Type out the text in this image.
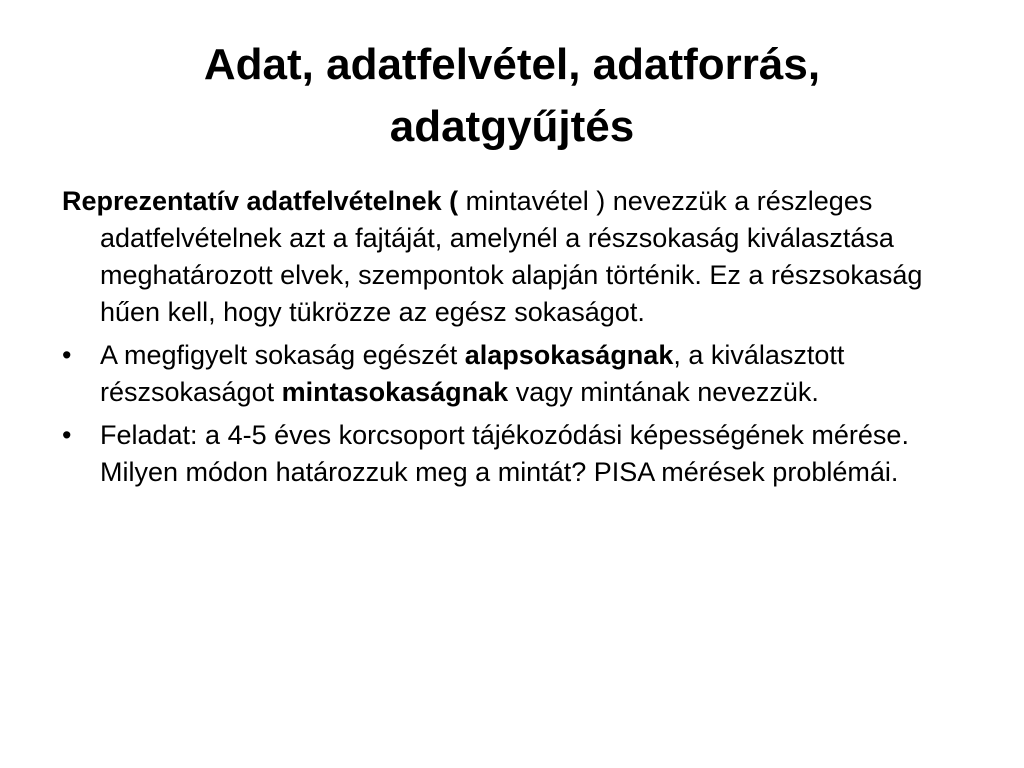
Adat, adatfelvétel, adatforrás,
adatgyűjtés

Reprezentatív adatfelvételnek ( mintavétel ) nevezzük a részleges adatfelvételnek azt a fajtáját, amelynél a részsokaság kiválasztása meghatározott elvek, szempontok alapján történik. Ez a részsokaság hűen kell, hogy tükrözze az egész sokaságot.

•	A megfigyelt sokaság egészét alapsokaságnak, a kiválasztott részsokaságot mintasokaságnak vagy mintának nevezzük.

•	Feladat: a 4-5 éves korcsoport tájékozódási képességének mérése. Milyen módon határozzuk meg a mintát? PISA mérések problémái.
